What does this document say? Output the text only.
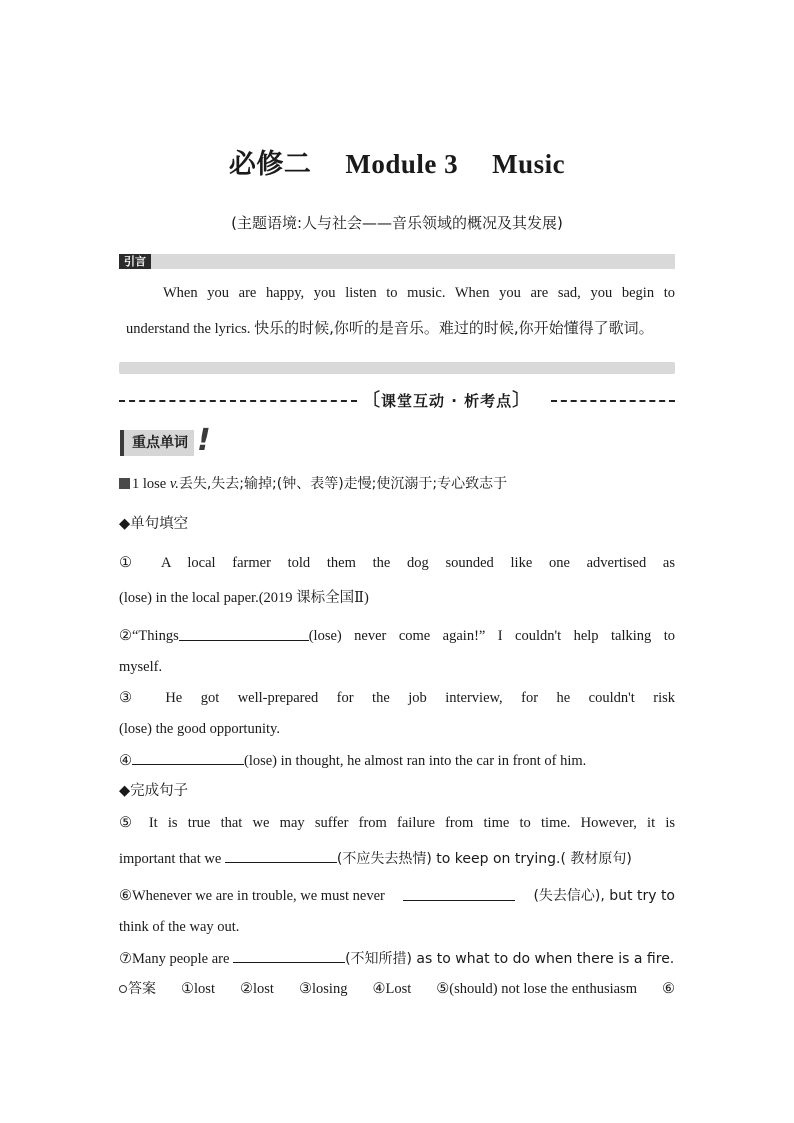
必修二 Module 3 Music
(主题语境:人与社会——音乐领域的概况及其发展)
引言
When you are happy, you listen to music. When you are sad, you begin to
understand the lyrics. 快乐的时候,你听的是音乐。难过的时候,你开始懂得了歌词。
〔课堂互动 · 析考点〕
重点单词 !
1 lose v.丢失,失去;输掉;(钟、表等)走慢;使沉溺于;专心致志于
◆单句填空
① A local farmer told them the dog sounded like one advertised as
(lose) in the local paper.(2019 课标全国Ⅱ)
②“Things	(lose) never come again!” I couldn't help talking to
myself.
③ He got well-prepared for the job interview, for he couldn't risk
(lose) the good opportunity.
④	(lose) in thought, he almost ran into the car in front of him.
◆完成句子
⑤ It is true that we may suffer from failure from time to time. However, it is
important that we	(不应失去热情) to keep on trying.( 教材原句)
⑥Whenever we are in trouble, we must never	(失去信心), but try to
think of the way out.
⑦Many people are	(不知所措) as to what to do when there is a fire.
答案 ①lost ②lost ③losing ④Lost ⑤(should) not lose the enthusiasm ⑥
